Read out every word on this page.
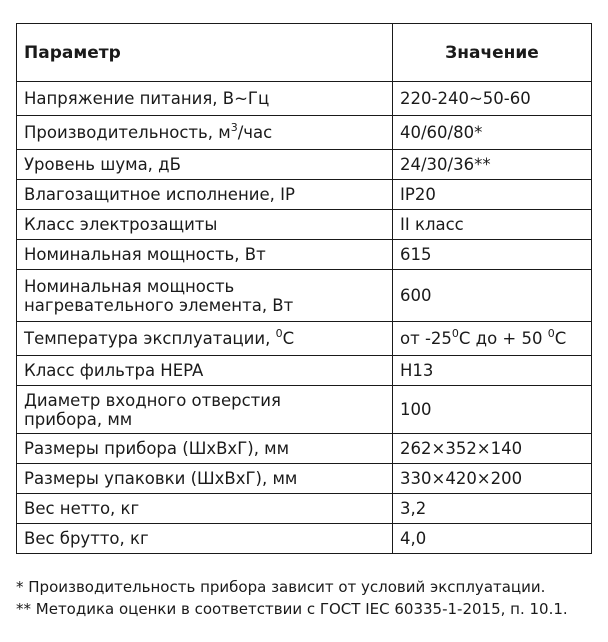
Параметр	Значение
Напряжение питания, В~Гц	220-240~50-60
Производительность, $м^3$/час	40/60/80*
Уровень шума, дБ	24/30/36**
Влагозащитное исполнение, IP	IP20
Класс электрозащиты	II класс
Номинальная мощность, Вт	615
Номинальная мощность
нагревательного элемента, Вт	600
Температура эксплуатации, $^0$С	от $-25^0С$ до + 50 $^0$С
Класс фильтра HEPA	H13
Диаметр входного отверстия
прибора, мм	100
Размеры прибора (ШхВхГ), мм	262×352×140
Размеры упаковки (ШхВхГ), мм	330×420×200
Вес нетто, кг	3,2
Вес брутто, кг	4,0
* Производительность прибора зависит от условий эксплуатации.
** Методика оценки в соответствии с ГОСТ IEC 60335-1-2015, п. 10.1.
